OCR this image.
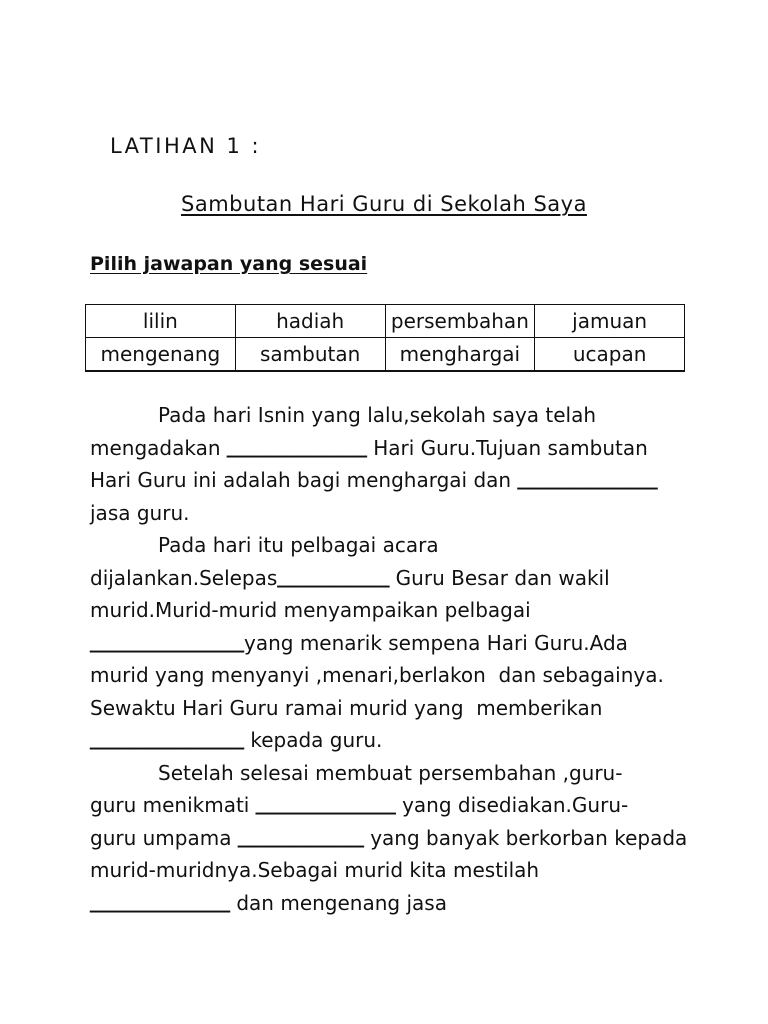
LATIHAN 1 :
Sambutan Hari Guru di Sekolah Saya
Pilih jawapan yang sesuai
lilin	hadiah	persembahan	jamuan
mengenang	sambutan	menghargai	ucapan
Pada hari Isnin yang lalu,sekolah saya telah
mengadakan __________ Hari Guru.Tujuan sambutan
Hari Guru ini adalah bagi menghargai dan __________
jasa guru.
Pada hari itu pelbagai acara
dijalankan.Selepas________ Guru Besar dan wakil
murid.Murid-murid menyampaikan pelbagai
___________yang menarik sempena Hari Guru.Ada
murid yang menyanyi ,menari,berlakon  dan sebagainya.
Sewaktu Hari Guru ramai murid yang  memberikan
___________ kepada guru.
Setelah selesai membuat persembahan ,guru-
guru menikmati __________ yang disediakan.Guru-
guru umpama _________ yang banyak berkorban kepada
murid-muridnya.Sebagai murid kita mestilah
__________ dan mengenang jasa
